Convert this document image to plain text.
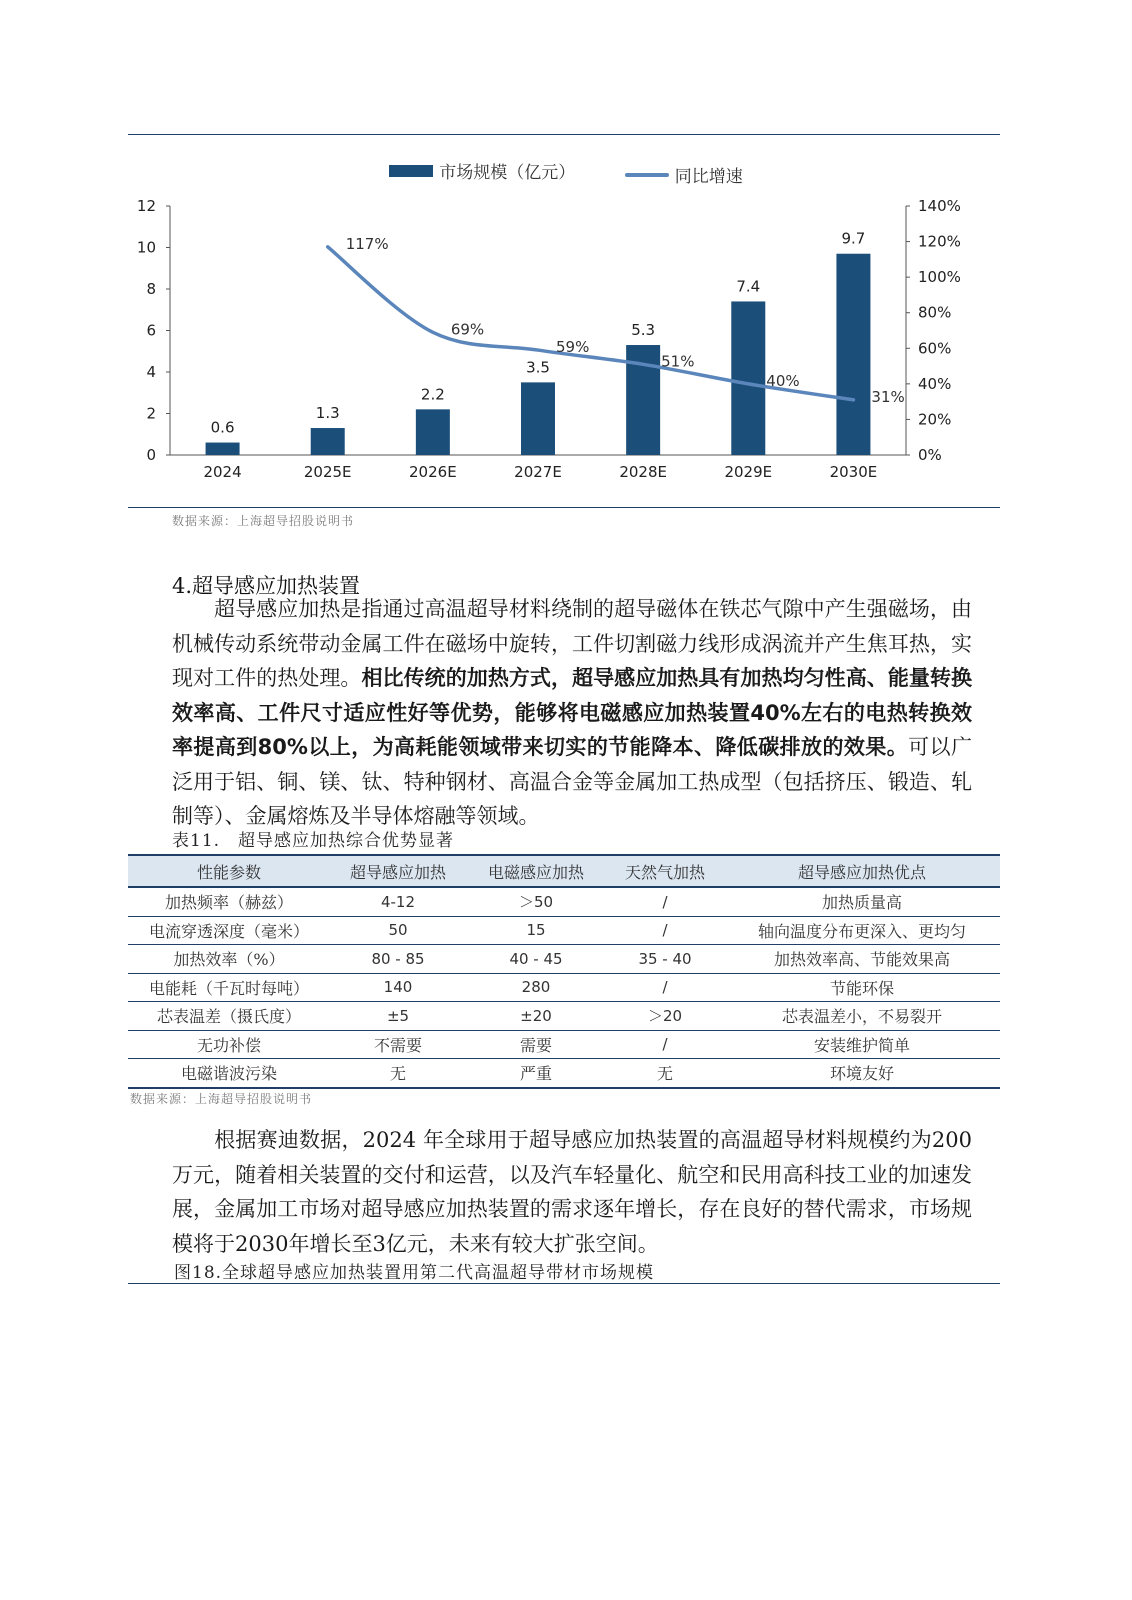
市场规模（亿元）
	同比增速
0
2
4
6
8
10
12
0%
20%
40%
60%
80%
100%
120%
140%
0.6
1.3
2.2
3.5
5.3
7.4
9.7
2024	2025E	2026E	2027E	2028E	2029E	2030E
117%
69%
59%
51%
40%
31%
数据来源：上海超导招股说明书
4.超导感应加热装置
超导感应加热是指通过高温超导材料绕制的超导磁体在铁芯气隙中产生强磁场，由机械传动系统带动金属工件在磁场中旋转，工件切割磁力线形成涡流并产生焦耳热，实现对工件的热处理。相比传统的加热方式，超导感应加热具有加热均匀性高、能量转换效率高、工件尺寸适应性好等优势，能够将电磁感应加热装置40%左右的电热转换效率提高到80%以上，为高耗能领域带来切实的节能降本、降低碳排放的效果。可以广泛用于铝、铜、镁、钛、特种钢材、高温合金等金属加工热成型（包括挤压、锻造、轧制等）、金属熔炼及半导体熔融等领域。
表11.　超导感应加热综合优势显著
性能参数	超导感应加热	电磁感应加热	天然气加热	超导感应加热优点
加热频率（赫兹）	4-12	＞50	/	加热质量高
电流穿透深度（毫米）	50	15	/	轴向温度分布更深入、更均匀
加热效率（%）	80 - 85	40 - 45	35 - 40	加热效率高、节能效果高
电能耗（千瓦时每吨）	140	280	/	节能环保
芯表温差（摄氏度）	±5	±20	＞20	芯表温差小，不易裂开
无功补偿	不需要	需要	/	安装维护简单
电磁谐波污染	无	严重	无	环境友好
数据来源：上海超导招股说明书
根据赛迪数据，2024 年全球用于超导感应加热装置的高温超导材料规模约为200万元，随着相关装置的交付和运营，以及汽车轻量化、航空和民用高科技工业的加速发展，金属加工市场对超导感应加热装置的需求逐年增长，存在良好的替代需求，市场规模将于2030年增长至3亿元，未来有较大扩张空间。
图18.全球超导感应加热装置用第二代高温超导带材市场规模
